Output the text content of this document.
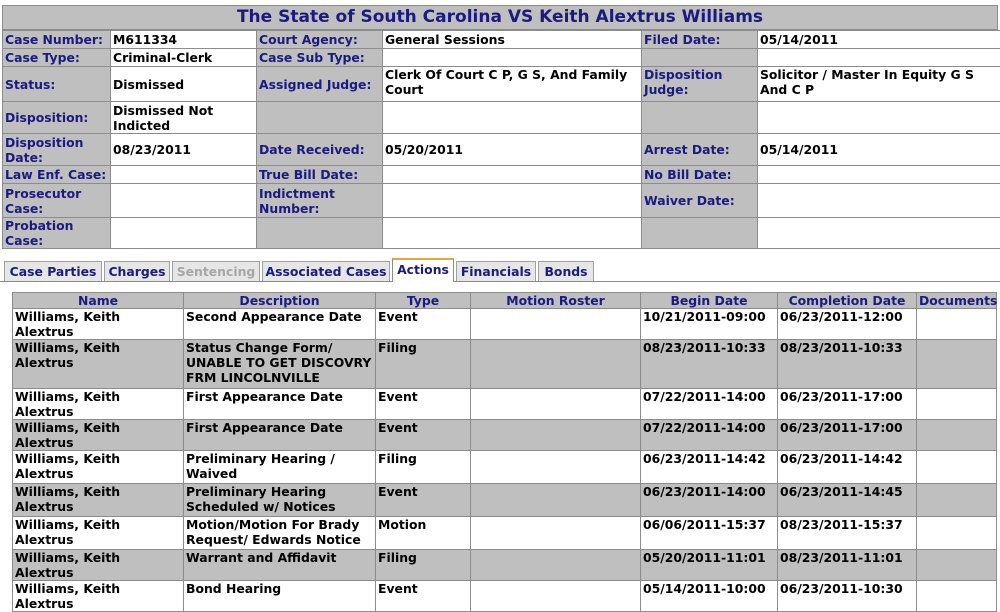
The State of South Carolina VS Keith Alextrus Williams
Case Number:	M611334	Court Agency:	General Sessions	Filed Date:	05/14/2011
Case Type:	Criminal-Clerk	Case Sub Type:			
Status:	Dismissed	Assigned Judge:	Clerk Of Court C P, G S, And Family Court	Disposition Judge:	Solicitor / Master In Equity G S And C P
Disposition:	Dismissed Not Indicted				
Disposition Date:	08/23/2011	Date Received:	05/20/2011	Arrest Date:	05/14/2011
Law Enf. Case:		True Bill Date:		No Bill Date:	
Prosecutor Case:		Indictment Number:		Waiver Date:	
Probation Case:					
Case Parties Charges Sentencing Associated Cases Actions Financials	Bonds
Name	Description	Type	Motion Roster	Begin Date	Completion Date	Documents
Williams, Keith Alextrus	Second Appearance Date	Event		10/21/2011-09:00	06/23/2011-12:00	
Williams, Keith Alextrus	Status Change Form/ UNABLE TO GET DISCOVRY FRM LINCOLNVILLE	Filing		08/23/2011-10:33	08/23/2011-10:33	
Williams, Keith Alextrus	First Appearance Date	Event		07/22/2011-14:00	06/23/2011-17:00	
Williams, Keith Alextrus	First Appearance Date	Event		07/22/2011-14:00	06/23/2011-17:00	
Williams, Keith Alextrus	Preliminary Hearing / Waived	Filing		06/23/2011-14:42	06/23/2011-14:42	
Williams, Keith Alextrus	Preliminary Hearing Scheduled w/ Notices	Event		06/23/2011-14:00	06/23/2011-14:45	
Williams, Keith Alextrus	Motion/Motion For Brady Request/ Edwards Notice	Motion		06/06/2011-15:37	08/23/2011-15:37	
Williams, Keith Alextrus	Warrant and Affidavit	Filing		05/20/2011-11:01	08/23/2011-11:01	
Williams, Keith Alextrus	Bond Hearing	Event		05/14/2011-10:00	06/23/2011-10:30	
